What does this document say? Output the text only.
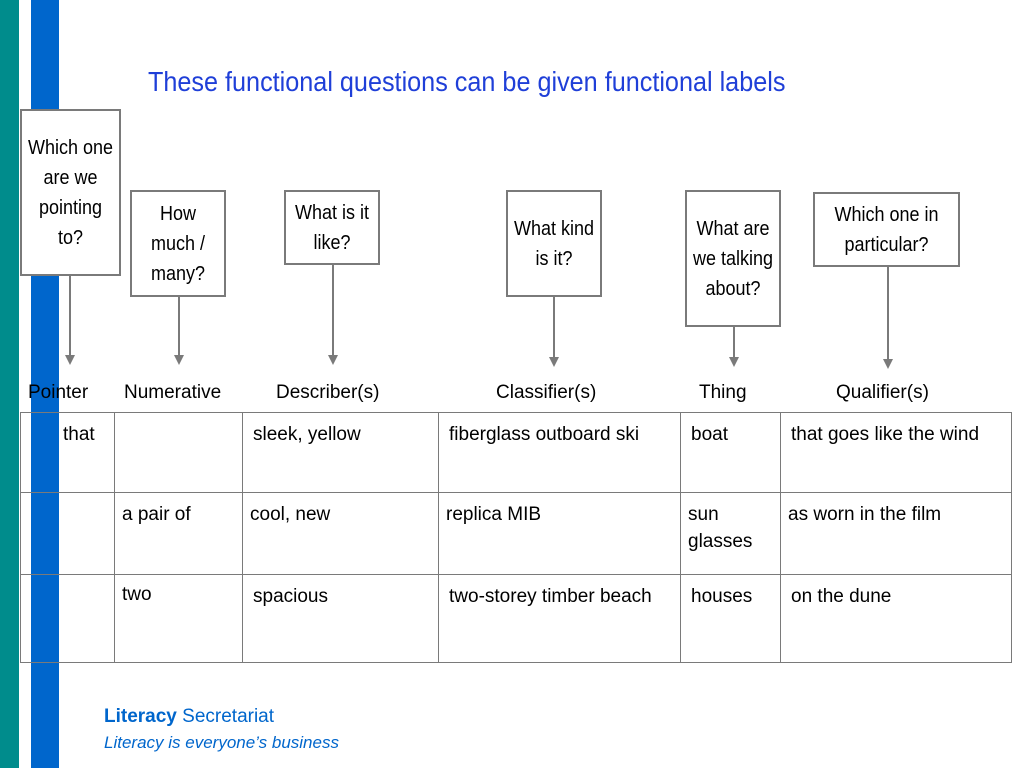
These functional questions can be given functional labels
Which one are we pointing to?
How much / many?
What is it like?
What kind is it?
What are we talking about?
Which one in particular?
Pointer Numerative	Describer(s)	Classifier(s)	Thing	Qualifier(s)
that		sleek, yellow	fiberglass outboard ski	boat	that goes like the wind
	a pair of	cool, new	replica MIB	sun glasses	as worn in the film
	two	spacious	two-storey timber beach	houses	on the dune
Literacy Secretariat
Literacy is everyone’s business
